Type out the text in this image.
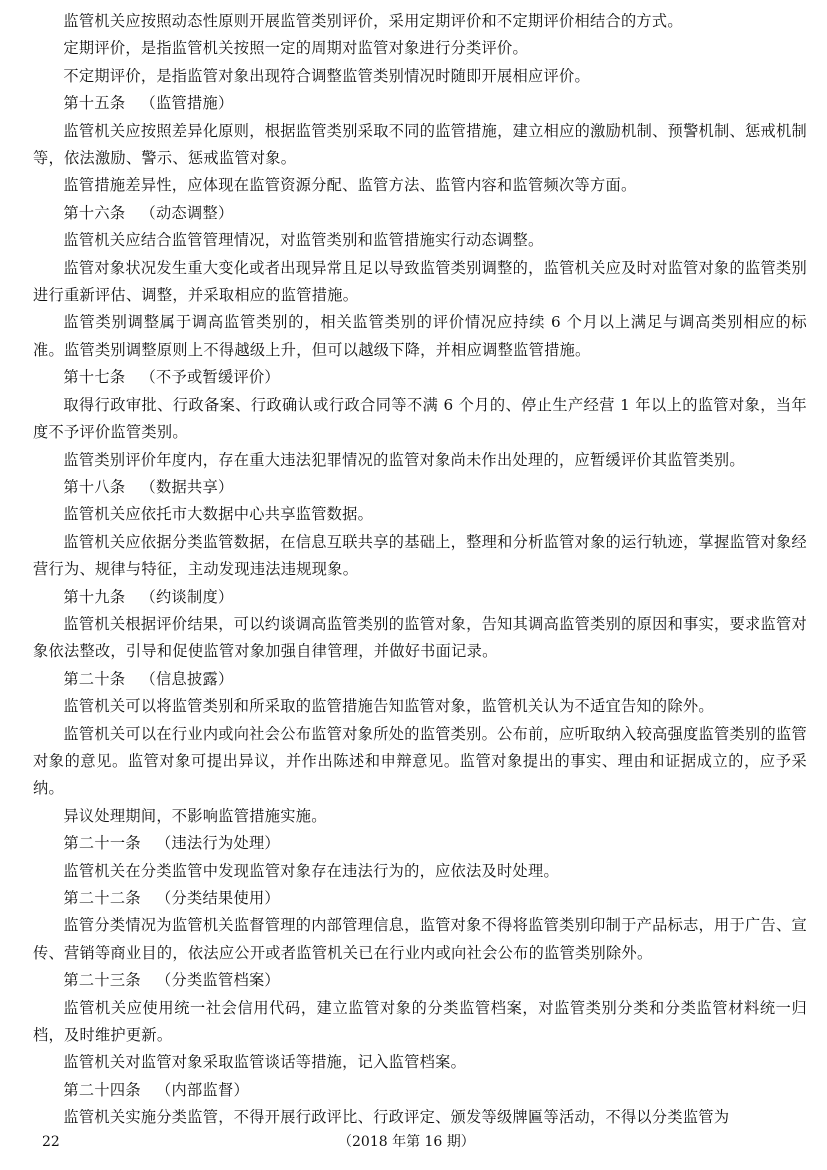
监管机关应按照动态性原则开展监管类别评价，采用定期评价和不定期评价相结合的方式。

定期评价，是指监管机关按照一定的周期对监管对象进行分类评价。

不定期评价，是指监管对象出现符合调整监管类别情况时随即开展相应评价。

第十五条 （监管措施）

监管机关应按照差异化原则，根据监管类别采取不同的监管措施，建立相应的激励机制、预警机制、惩戒机制等，依法激励、警示、惩戒监管对象。

监管措施差异性，应体现在监管资源分配、监管方法、监管内容和监管频次等方面。

第十六条 （动态调整）

监管机关应结合监管管理情况，对监管类别和监管措施实行动态调整。

监管对象状况发生重大变化或者出现异常且足以导致监管类别调整的，监管机关应及时对监管对象的监管类别进行重新评估、调整，并采取相应的监管措施。

监管类别调整属于调高监管类别的，相关监管类别的评价情况应持续 6 个月以上满足与调高类别相应的标准。监管类别调整原则上不得越级上升，但可以越级下降，并相应调整监管措施。

第十七条 （不予或暂缓评价）

取得行政审批、行政备案、行政确认或行政合同等不满 6 个月的、停止生产经营 1 年以上的监管对象，当年度不予评价监管类别。

监管类别评价年度内，存在重大违法犯罪情况的监管对象尚未作出处理的，应暂缓评价其监管类别。

第十八条 （数据共享）

监管机关应依托市大数据中心共享监管数据。

监管机关应依据分类监管数据，在信息互联共享的基础上，整理和分析监管对象的运行轨迹，掌握监管对象经营行为、规律与特征，主动发现违法违规现象。

第十九条 （约谈制度）

监管机关根据评价结果，可以约谈调高监管类别的监管对象，告知其调高监管类别的原因和事实，要求监管对象依法整改，引导和促使监管对象加强自律管理，并做好书面记录。

第二十条 （信息披露）

监管机关可以将监管类别和所采取的监管措施告知监管对象，监管机关认为不适宜告知的除外。

监管机关可以在行业内或向社会公布监管对象所处的监管类别。公布前，应听取纳入较高强度监管类别的监管对象的意见。监管对象可提出异议，并作出陈述和申辩意见。监管对象提出的事实、理由和证据成立的，应予采纳。

异议处理期间，不影响监管措施实施。

第二十一条 （违法行为处理）

监管机关在分类监管中发现监管对象存在违法行为的，应依法及时处理。

第二十二条 （分类结果使用）

监管分类情况为监管机关监督管理的内部管理信息，监管对象不得将监管类别印制于产品标志，用于广告、宣传、营销等商业目的，依法应公开或者监管机关已在行业内或向社会公布的监管类别除外。

第二十三条 （分类监管档案）

监管机关应使用统一社会信用代码，建立监管对象的分类监管档案，对监管类别分类和分类监管材料统一归档，及时维护更新。

监管机关对监管对象采取监管谈话等措施，记入监管档案。

第二十四条 （内部监督）

监管机关实施分类监管，不得开展行政评比、行政评定、颁发等级牌匾等活动，不得以分类监管为

22	（2018 年第 16 期）
